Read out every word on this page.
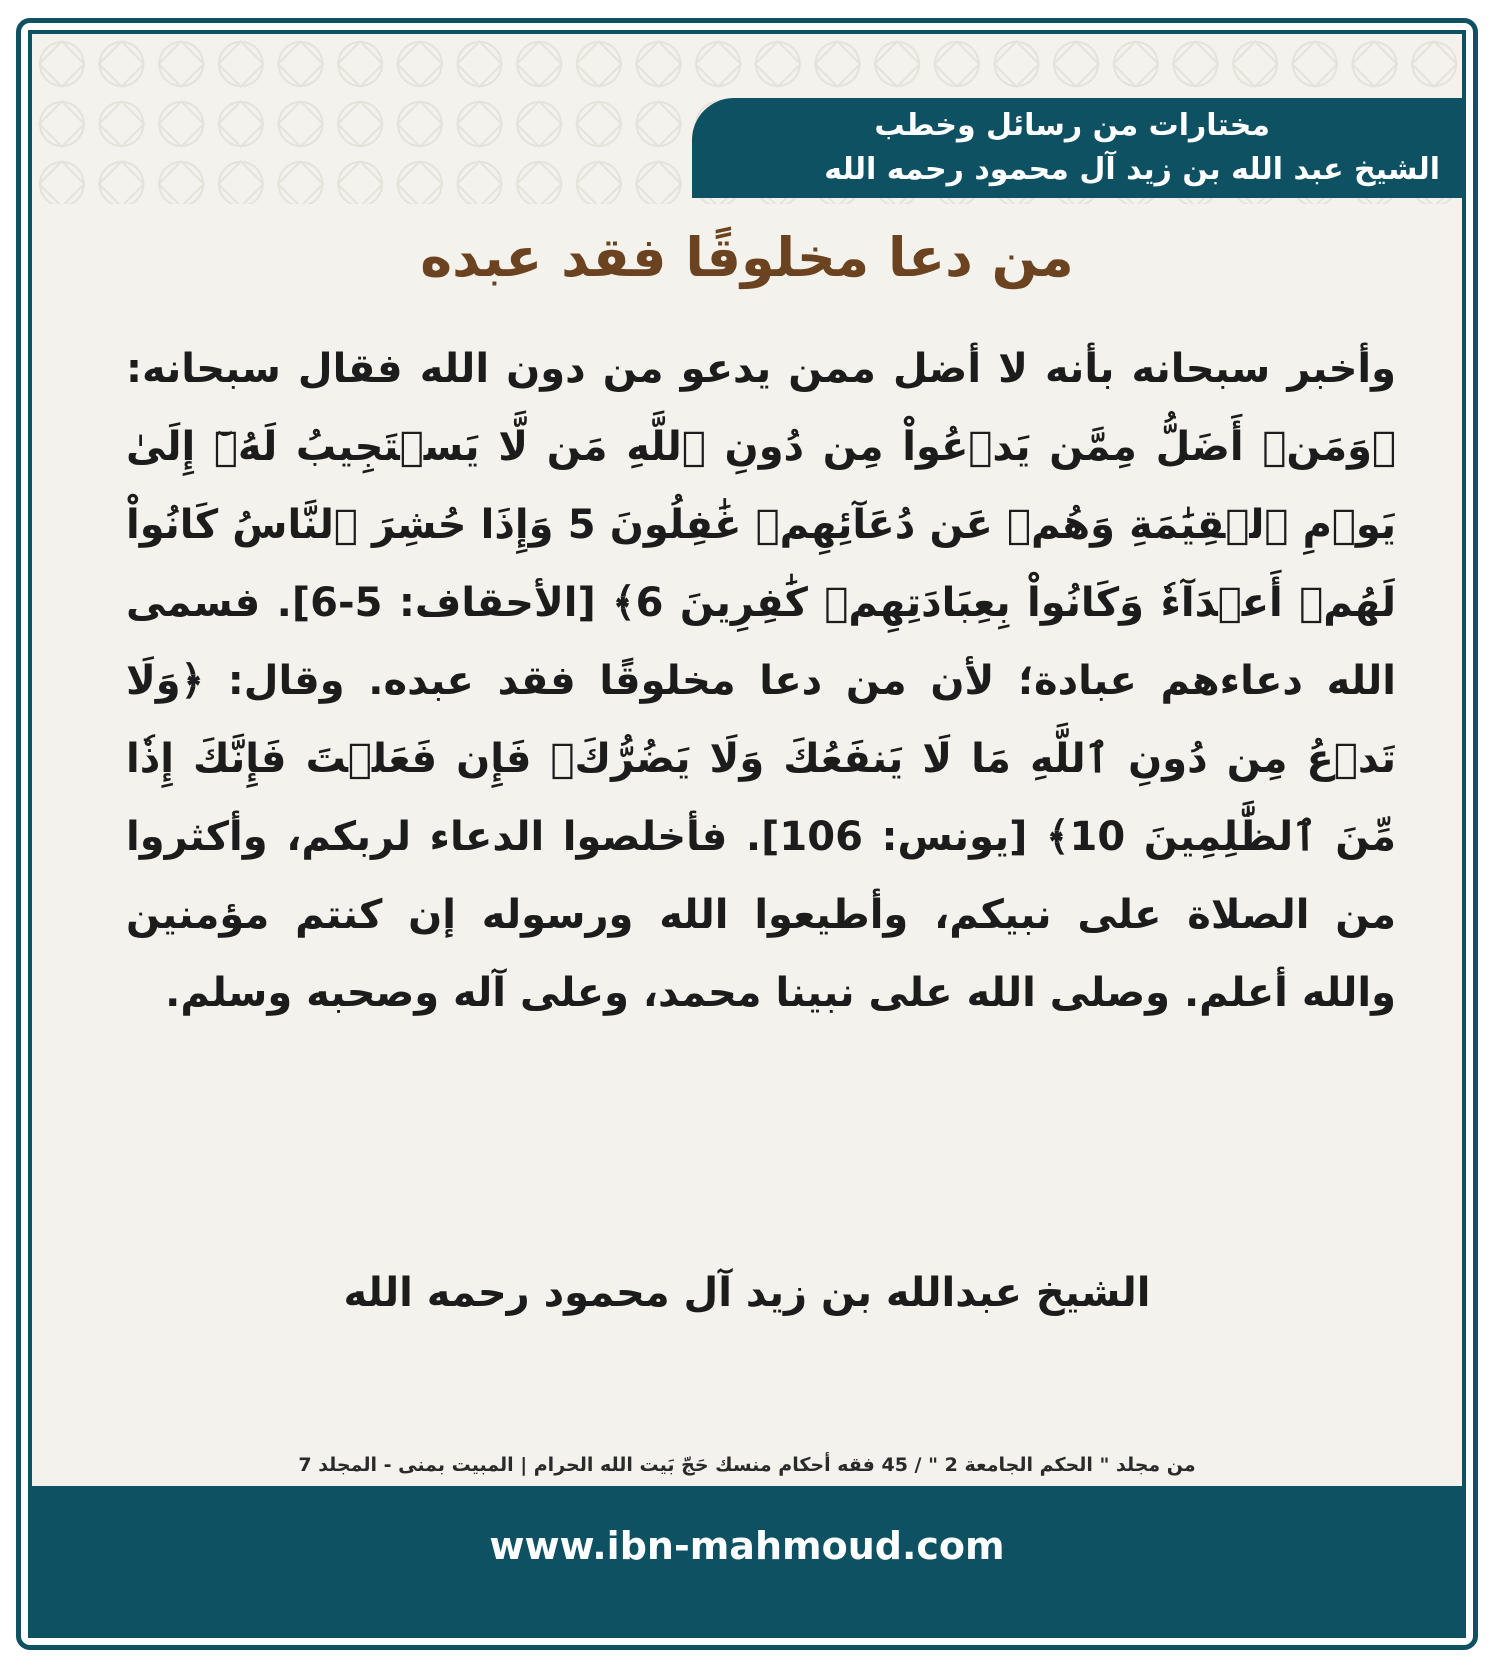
مختارات من رسائل وخطب
الشيخ عبد الله بن زيد آل محمود رحمه الله
من دعا مخلوقًا فقد عبده
وأخبر سبحانه بأنه لا أضل ممن يدعو من دون الله فقال سبحانه: ﴿وَمَنۡ أَضَلُّ مِمَّن يَدۡعُواْ مِن دُونِ ٱللَّهِ مَن لَّا يَسۡتَجِيبُ لَهُۥٓ إِلَىٰ يَوۡمِ ٱلۡقِيَٰمَةِ وَهُمۡ عَن دُعَآئِهِمۡ غَٰفِلُونَ 5 وَإِذَا حُشِرَ ٱلنَّاسُ كَانُواْ لَهُمۡ أَعۡدَآءٗ وَكَانُواْ بِعِبَادَتِهِمۡ كَٰفِرِينَ 6﴾ [الأحقاف: 5-6]. فسمى الله دعاءهم عبادة؛ لأن من دعا مخلوقًا فقد عبده. وقال: ﴿وَلَا تَدۡعُ مِن دُونِ ٱللَّهِ مَا لَا يَنفَعُكَ وَلَا يَضُرُّكَۖ فَإِن فَعَلۡتَ فَإِنَّكَ إِذٗا مِّنَ ٱلظَّٰلِمِينَ 10﴾ [يونس: 106]. فأخلصوا الدعاء لربكم، وأكثروا من الصلاة على نبيكم، وأطيعوا الله ورسوله إن كنتم مؤمنين والله أعلم. وصلى الله على نبينا محمد، وعلى آله وصحبه وسلم.
الشيخ عبدالله بن زيد آل محمود رحمه الله
من مجلد " الحكم الجامعة 2 " / 45 فقه أحكام منسك حَجّ بَيت الله الحرام | المبيت بمنى - المجلد 7
www.ibn-mahmoud.com
